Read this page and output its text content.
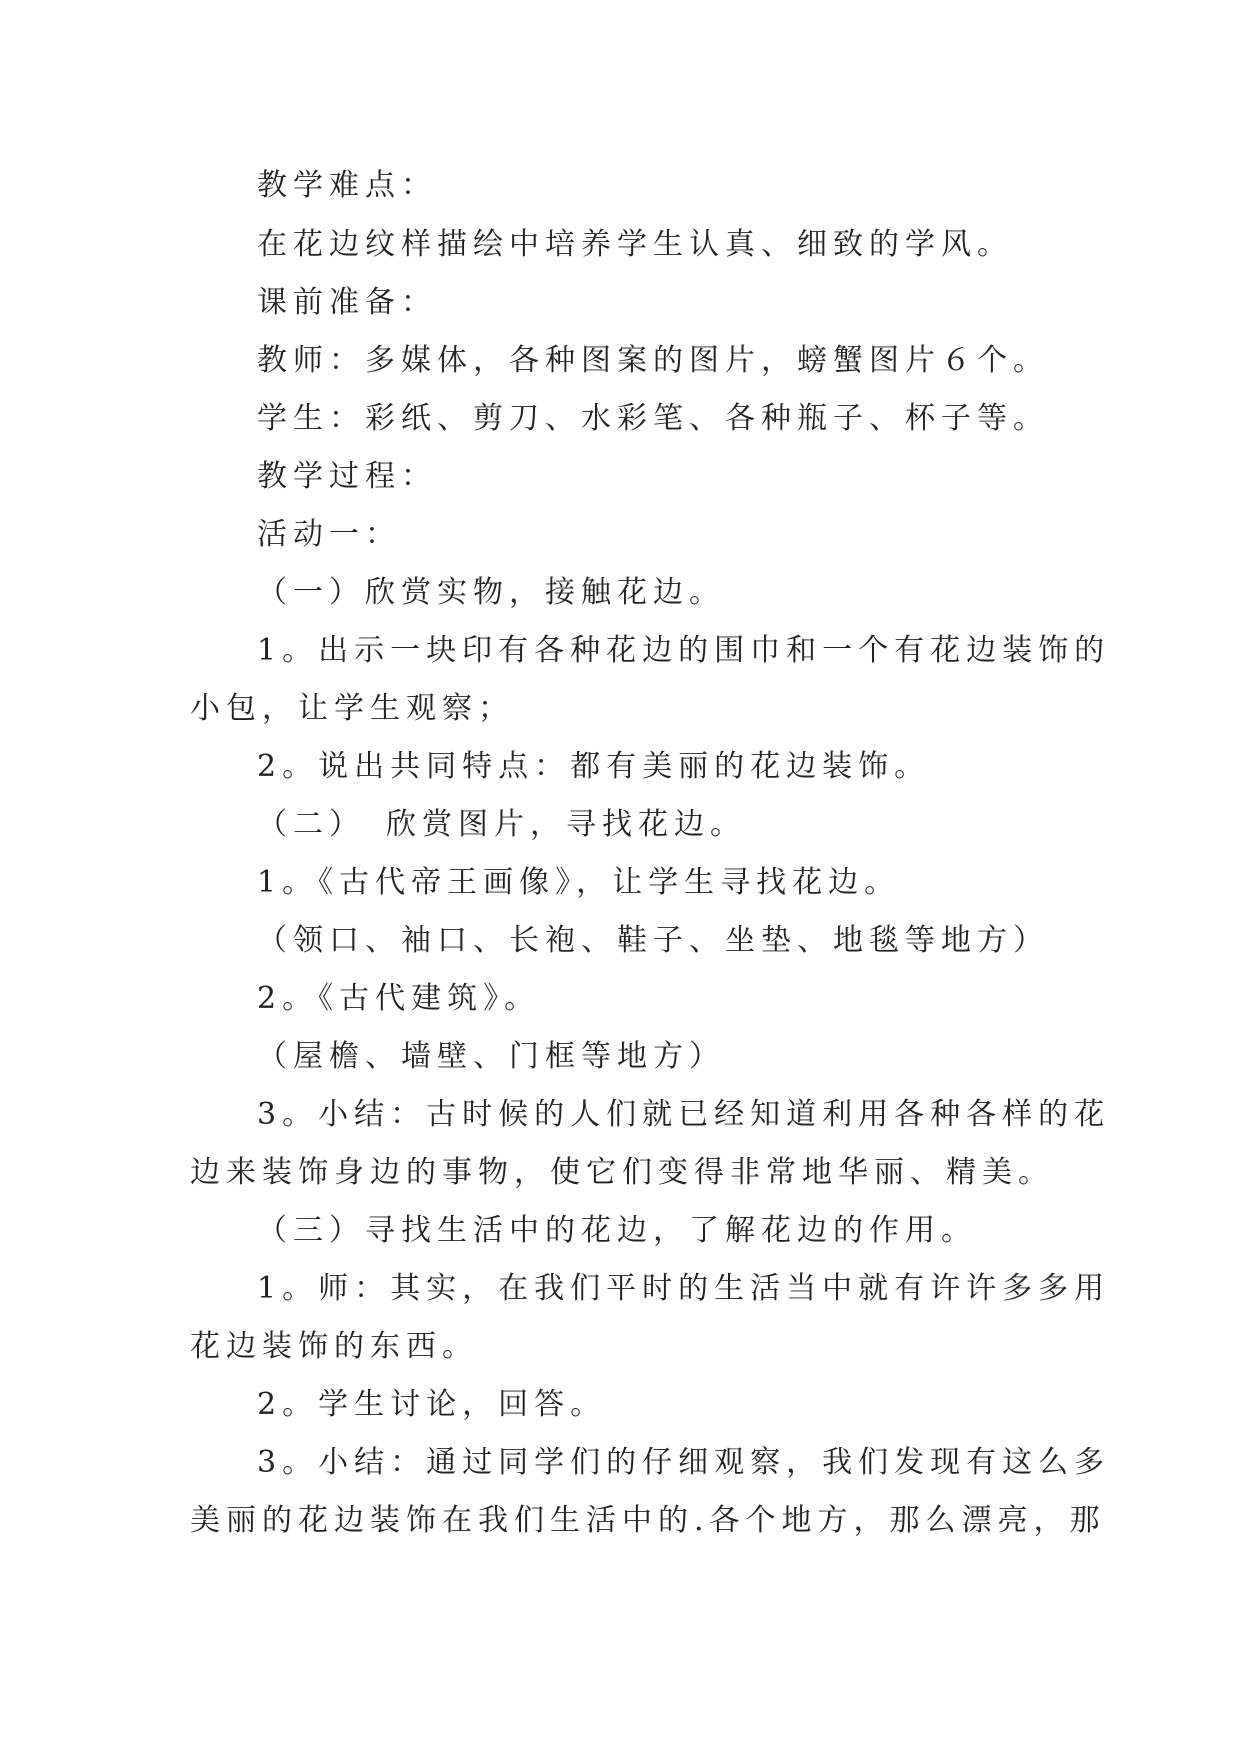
教学难点：
在花边纹样描绘中培养学生认真、细致的学风。
课前准备：
教师：多媒体，各种图案的图片，螃蟹图片６个。
学生：彩纸、剪刀、水彩笔、各种瓶子、杯子等。
教学过程：
活动一：
（一）欣赏实物，接触花边。
1。出示一块印有各种花边的围巾和一个有花边装饰的
小包，让学生观察；
2。说出共同特点：都有美丽的花边装饰。
（二）　欣赏图片，寻找花边。
1。《古代帝王画像》，让学生寻找花边。
（领口、袖口、长袍、鞋子、坐垫、地毯等地方）
2。《古代建筑》。
（屋檐、墙壁、门框等地方）
3。小结：古时候的人们就已经知道利用各种各样的花
边来装饰身边的事物，使它们变得非常地华丽、精美。
（三）寻找生活中的花边，了解花边的作用。
1。师：其实，在我们平时的生活当中就有许许多多用
花边装饰的东西。
2。学生讨论，回答。
3。小结：通过同学们的仔细观察，我们发现有这么多
美丽的花边装饰在我们生活中的.各个地方，那么漂亮，那
